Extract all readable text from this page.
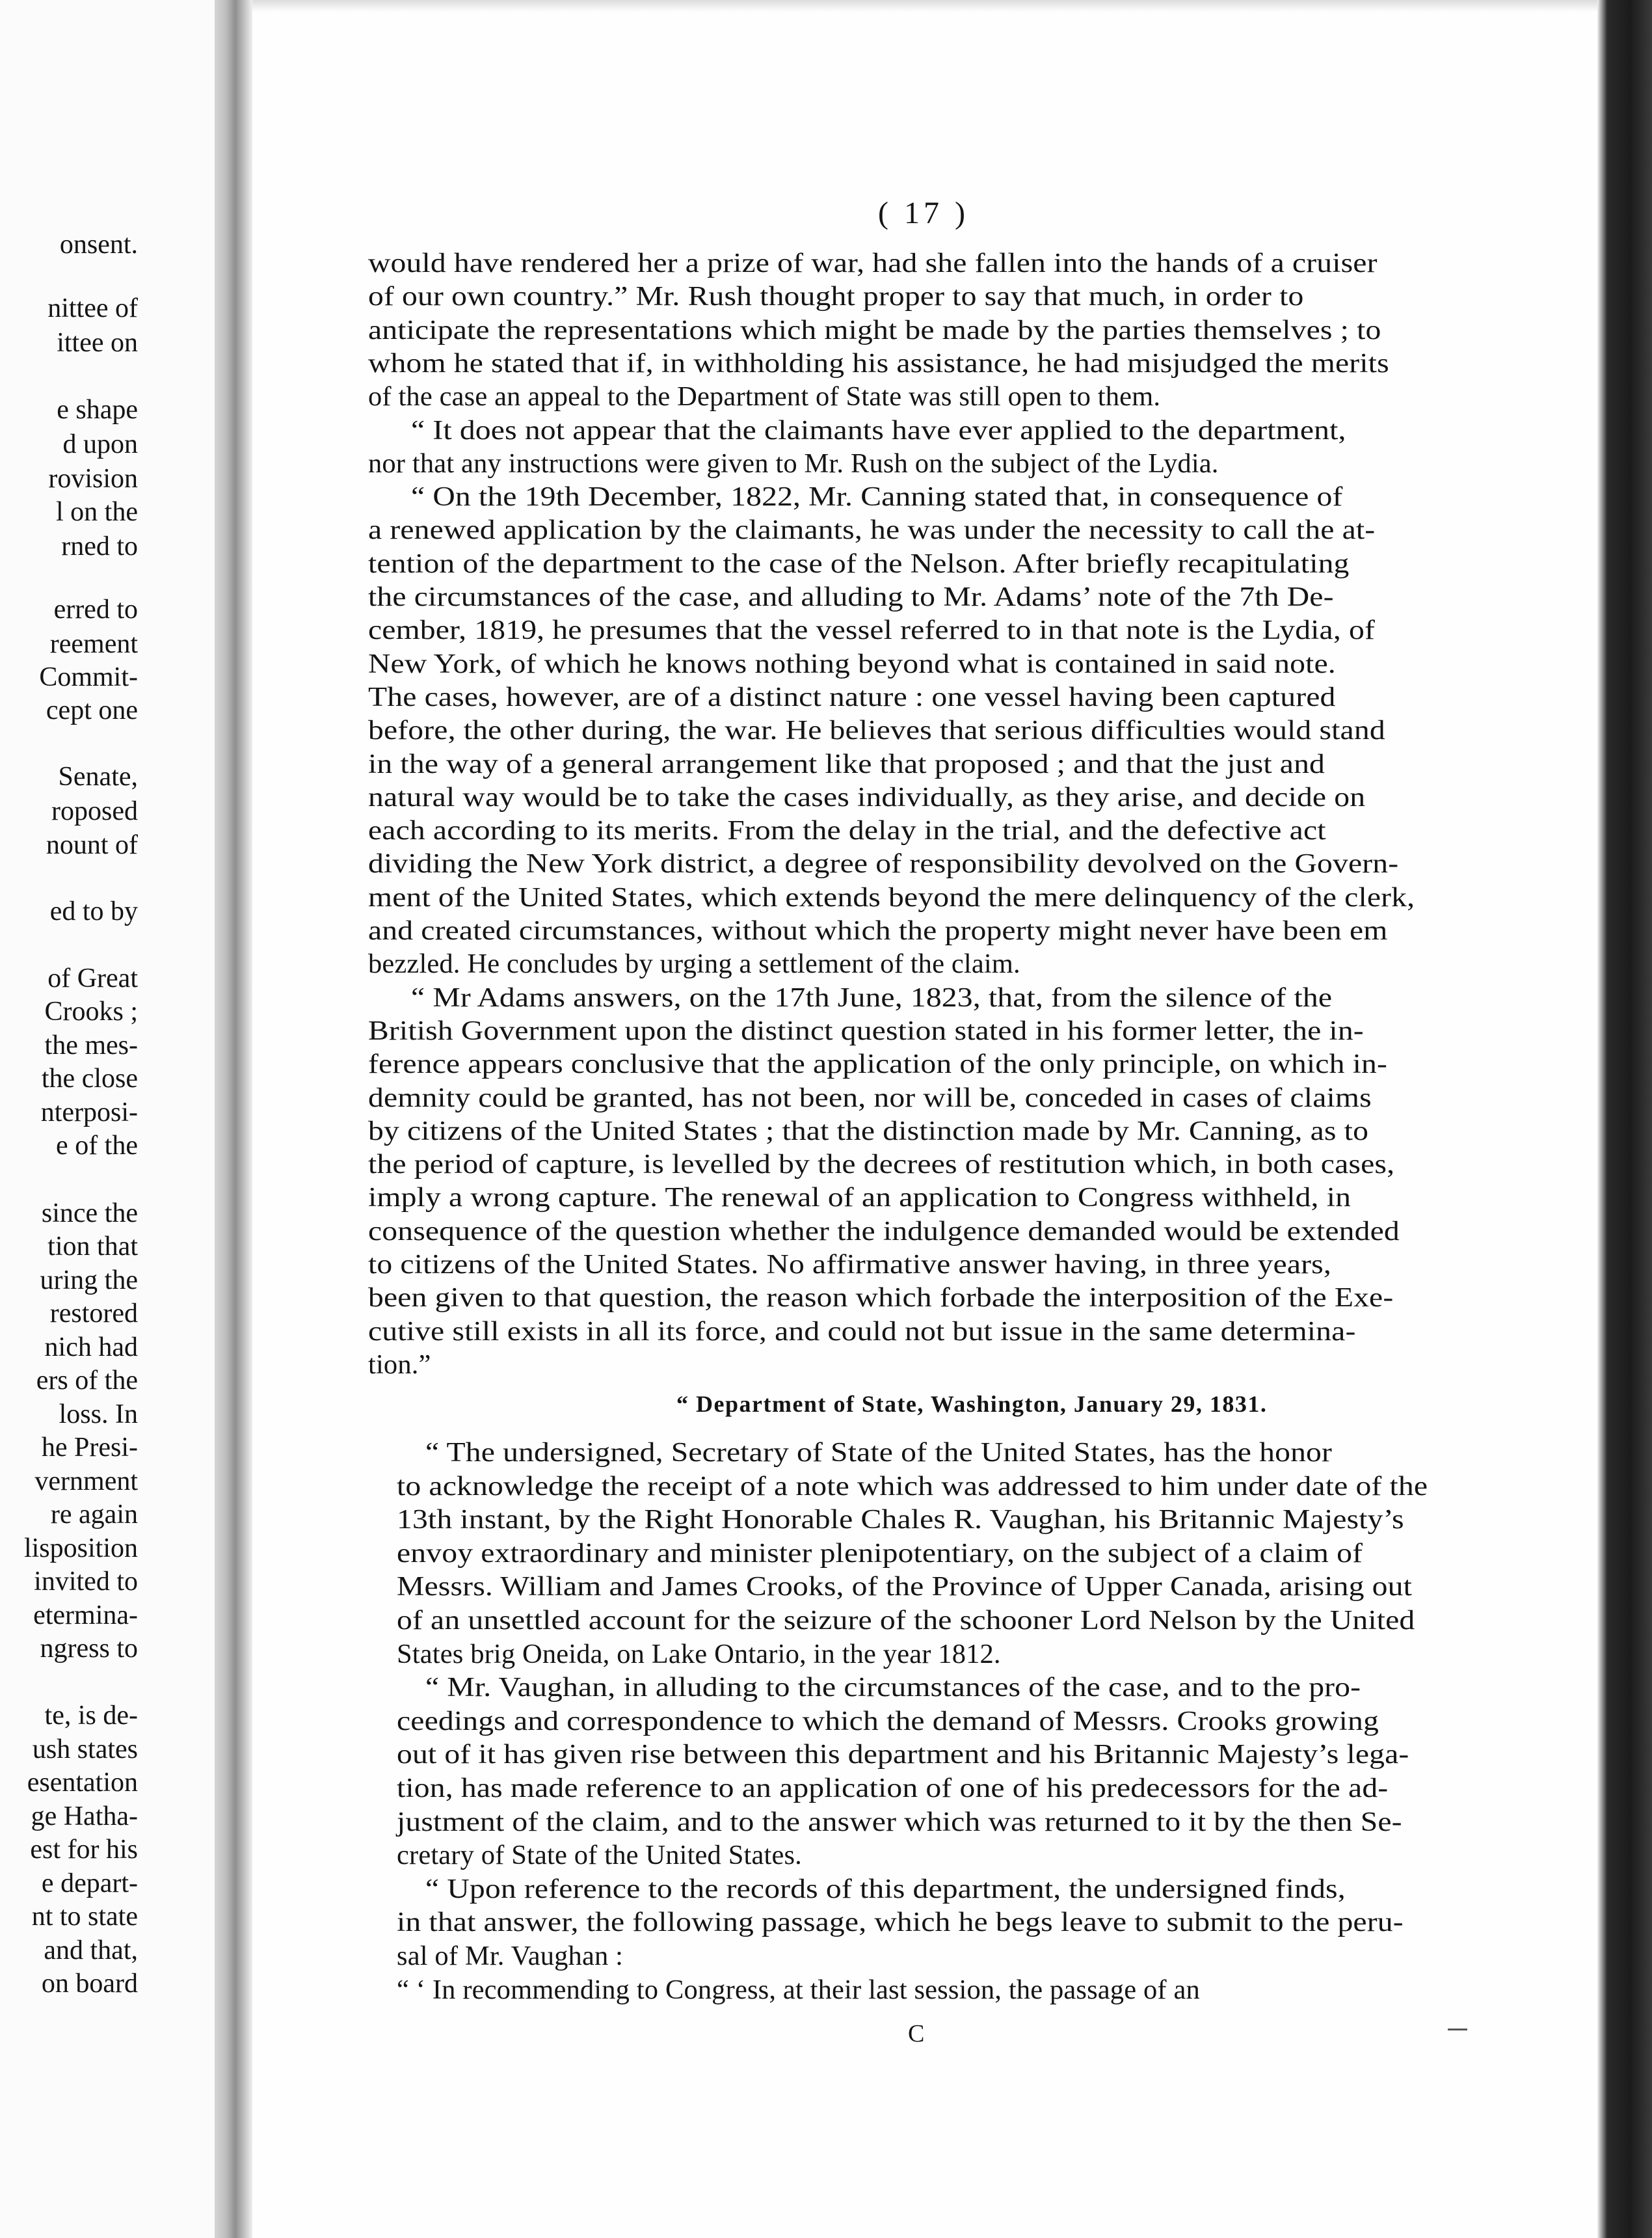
onsent.
nittee of
ittee on
e shape
d upon
rovision
l on the
rned to
erred to
reement
Commit-
cept one
Senate,
roposed
nount of
ed to by
of Great
Crooks ;
the mes-
the close
nterposi-
e of the
since the
tion that
uring the
restored
nich had
ers of the
loss. In
he Presi-
vernment
re again
lisposition
invited to
etermina-
ngress to
te, is de-
ush states
esentation
ge Hatha-
est for his
e depart-
nt to state
and that,
on board
( 17 )
would have rendered her a prize of war, had she fallen into the hands of a cruiser
of our own country.” Mr. Rush thought proper to say that much, in order to
anticipate the representations which might be made by the parties themselves ; to
whom he stated that if, in withholding his assistance, he had misjudged the merits
of the case an appeal to the Department of State was still open to them.
“ It does not appear that the claimants have ever applied to the department,
nor that any instructions were given to Mr. Rush on the subject of the Lydia.
“ On the 19th December, 1822, Mr. Canning stated that, in consequence of
a renewed application by the claimants, he was under the necessity to call the at-
tention of the department to the case of the Nelson. After briefly recapitulating
the circumstances of the case, and alluding to Mr. Adams’ note of the 7th De-
cember, 1819, he presumes that the vessel referred to in that note is the Lydia, of
New York, of which he knows nothing beyond what is contained in said note.
The cases, however, are of a distinct nature : one vessel having been captured
before, the other during, the war. He believes that serious difficulties would stand
in the way of a general arrangement like that proposed ; and that the just and
natural way would be to take the cases individually, as they arise, and decide on
each according to its merits. From the delay in the trial, and the defective act
dividing the New York district, a degree of responsibility devolved on the Govern-
ment of the United States, which extends beyond the mere delinquency of the clerk,
and created circumstances, without which the property might never have been em
bezzled. He concludes by urging a settlement of the claim.
“ Mr Adams answers, on the 17th June, 1823, that, from the silence of the
British Government upon the distinct question stated in his former letter, the in-
ference appears conclusive that the application of the only principle, on which in-
demnity could be granted, has not been, nor will be, conceded in cases of claims
by citizens of the United States ; that the distinction made by Mr. Canning, as to
the period of capture, is levelled by the decrees of restitution which, in both cases,
imply a wrong capture. The renewal of an application to Congress withheld, in
consequence of the question whether the indulgence demanded would be extended
to citizens of the United States. No affirmative answer having, in three years,
been given to that question, the reason which forbade the interposition of the Exe-
cutive still exists in all its force, and could not but issue in the same determina-
tion.”
“ The undersigned, Secretary of State of the United States, has the honor
to acknowledge the receipt of a note which was addressed to him under date of the
13th instant, by the Right Honorable Chales R. Vaughan, his Britannic Majesty’s
envoy extraordinary and minister plenipotentiary, on the subject of a claim of
Messrs. William and James Crooks, of the Province of Upper Canada, arising out
of an unsettled account for the seizure of the schooner Lord Nelson by the United
States brig Oneida, on Lake Ontario, in the year 1812.
“ Mr. Vaughan, in alluding to the circumstances of the case, and to the pro-
ceedings and correspondence to which the demand of Messrs. Crooks growing
out of it has given rise between this department and his Britannic Majesty’s lega-
tion, has made reference to an application of one of his predecessors for the ad-
justment of the claim, and to the answer which was returned to it by the then Se-
cretary of State of the United States.
“ Upon reference to the records of this department, the undersigned finds,
in that answer, the following passage, which he begs leave to submit to the peru-
sal of Mr. Vaughan :
“ ‘ In recommending to Congress, at their last session, the passage of an
“ Department of State, Washington, January 29, 1831.
C
